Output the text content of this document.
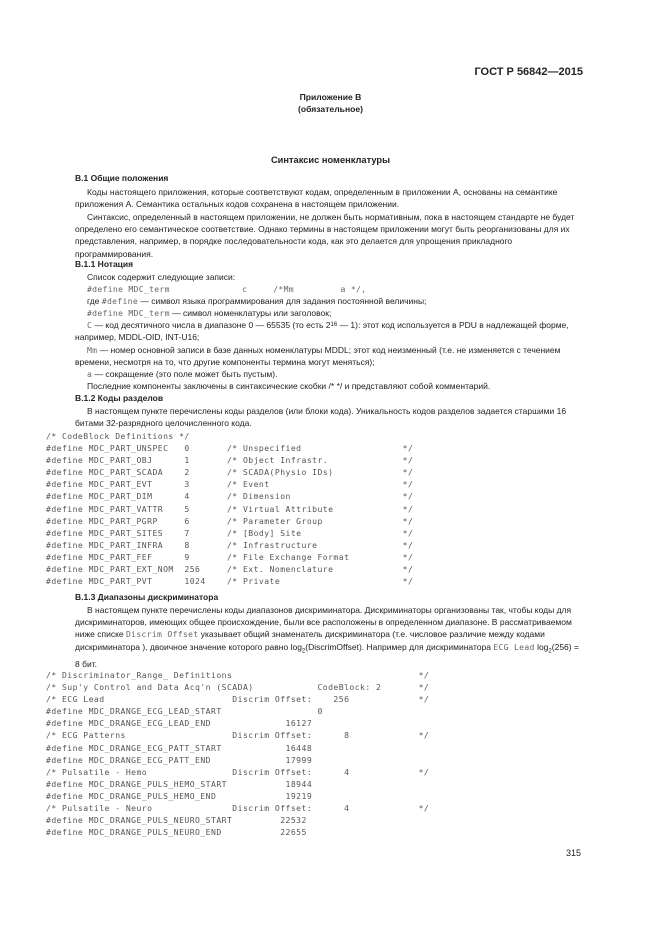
ГОСТ Р 56842—2015
Приложение В
(обязательное)
Синтаксис номенклатуры
В.1 Общие положения

Коды настоящего приложения, которые соответствуют кодам, определенным в приложении А, основаны на семантике приложения А. Семантика остальных кодов сохранена в настоящем приложении.

Синтаксис, определенный в настоящем приложении, не должен быть нормативным, пока в настоящем стандарте не будет определено его семантическое соответствие. Однако термины в настоящем приложении могут быть реорганизованы для их представления, например, в порядке последовательности кода, как это делается для упрощения прикладного программирования.

В.1.1 Нотация

Список содержит следующие записи:

#define MDC_term              c     /*Mm         a */,

где #define — символ языка программирования для задания постоянной величины;

#define MDC_term — символ номенклатуры или заголовок;

C — код десятичного числа в диапазоне 0 — 65535 (то есть $2^{16}$ — 1): этот код используется в PDU в надлежащей форме, например, MDDL-OID, INT-U16;

Mm — номер основной записи в базе данных номенклатуры MDDL; этот код неизменный (т.е. не изменяется с течением времени, несмотря на то, что другие компоненты термина могут меняться);

a — сокращение (это поле может быть пустым).

Последние компоненты заключены в синтаксические скобки /* */ и представляют собой комментарий.

В.1.2 Коды разделов

В настоящем пункте перечислены коды разделов (или блоки кода). Уникальность кодов разделов задается старшими 16 битами 32-разрядного целочисленного кода.

/* CodeBlock Definitions */
#define MDC_PART_UNSPEC   0       /* Unspecified                   */
#define MDC_PART_OBJ      1       /* Object Infrastr.              */
#define MDC_PART_SCADA    2       /* SCADA(Physio IDs)             */
#define MDC_PART_EVT      3       /* Event                         */
#define MDC_PART_DIM      4       /* Dimension                     */
#define MDC_PART_VATTR    5       /* Virtual Attribute             */
#define MDC_PART_PGRP     6       /* Parameter Group               */
#define MDC_PART_SITES    7       /* [Body] Site                   */
#define MDC_PART_INFRA    8       /* Infrastructure                */
#define MDC_PART_FEF      9       /* File Exchange Format          */
#define MDC_PART_EXT_NOM  256     /* Ext. Nomenclature             */
#define MDC_PART_PVT      1024    /* Private                       */
В.1.3 Диапазоны дискриминатора

В настоящем пункте перечислены коды диапазонов дискриминатора. Дискриминаторы организованы так, чтобы коды для дискриминаторов, имеющих общее происхождение, были все расположены в определенном диапазоне. В рассматриваемом ниже списке Discrim Offset указывает общий знаменатель дискриминатора (т.е. числовое различие между кодами дискриминатора ), двоичное значение которого равно $\log_2(DiscrimOffset)$. Например для дискриминатора ECG Lead $\log_2(256) = 8$ бит.

/* Discriminator_Range_ Definitions                                   */
/* Sup'y Control and Data Acq'n (SCADA)            CodeBlock: 2       */
/* ECG Lead                        Discrim Offset:    256             */
#define MDC_DRANGE_ECG_LEAD_START                  0
#define MDC_DRANGE_ECG_LEAD_END              16127
/* ECG Patterns                    Discrim Offset:      8             */
#define MDC_DRANGE_ECG_PATT_START            16448
#define MDC_DRANGE_ECG_PATT_END              17999
/* Pulsatile - Hemo                Discrim Offset:      4             */
#define MDC_DRANGE_PULS_HEMO_START           18944
#define MDC_DRANGE_PULS_HEMO_END             19219
/* Pulsatile - Neuro               Discrim Offset:      4             */
#define MDC_DRANGE_PULS_NEURO_START         22532
#define MDC_DRANGE_PULS_NEURO_END           22655
315
